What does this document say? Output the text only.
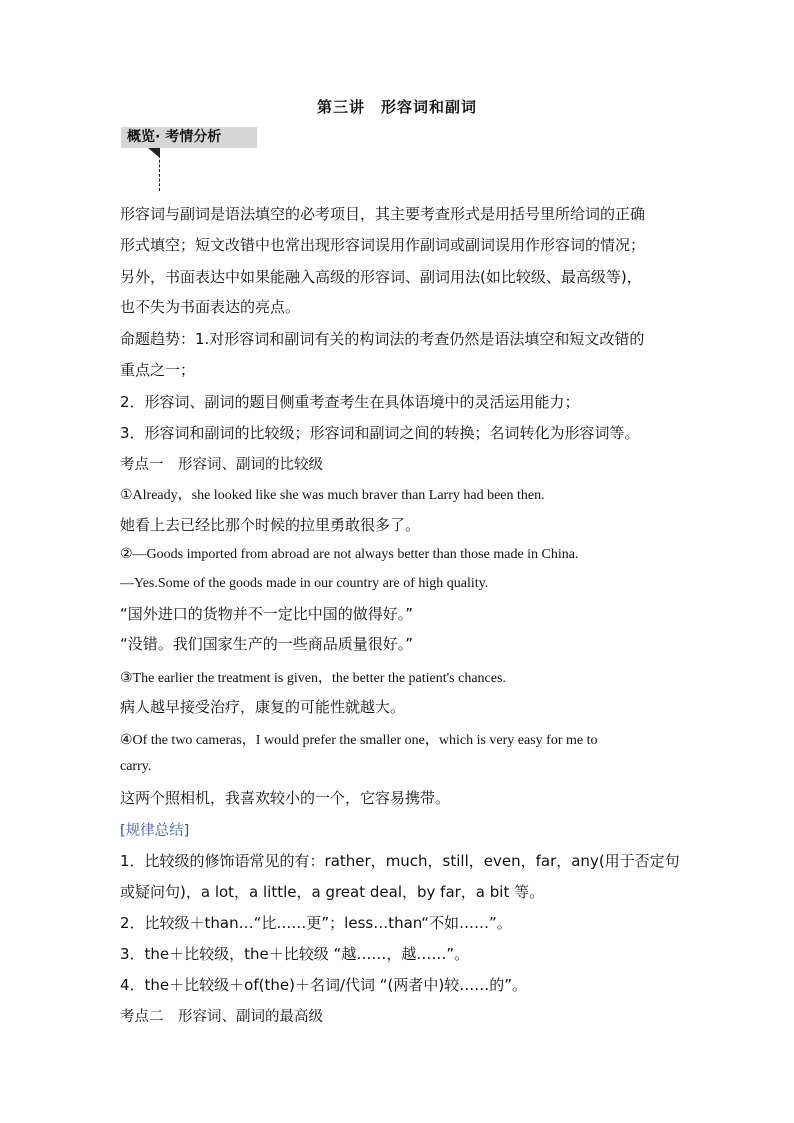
第三讲　形容词和副词
概览· 考情分析
形容词与副词是语法填空的必考项目，其主要考查形式是用括号里所给词的正确
形式填空；短文改错中也常出现形容词误用作副词或副词误用作形容词的情况；
另外，书面表达中如果能融入高级的形容词、副词用法(如比较级、最高级等)，
也不失为书面表达的亮点。
命题趋势：1.对形容词和副词有关的构词法的考查仍然是语法填空和短文改错的
重点之一；
2．形容词、副词的题目侧重考查考生在具体语境中的灵活运用能力；
3．形容词和副词的比较级；形容词和副词之间的转换；名词转化为形容词等。
考点一　形容词、副词的比较级
①Already，she looked like she was much braver than Larry had been then.
她看上去已经比那个时候的拉里勇敢很多了。
②—Goods imported from abroad are not always better than those made in China.
—Yes.Some of the goods made in our country are of high quality.
“国外进口的货物并不一定比中国的做得好。”
“没错。我们国家生产的一些商品质量很好。”
③The earlier the treatment is given，the better the patient's chances.
病人越早接受治疗，康复的可能性就越大。
④Of the two cameras，I would prefer the smaller one，which is very easy for me to
carry.
这两个照相机，我喜欢较小的一个，它容易携带。
[规律总结]
1．比较级的修饰语常见的有：rather，much，still，even，far，any(用于否定句
或疑问句)，a lot，a little，a great deal，by far，a bit 等。
2．比较级＋than…“比……更”；less…than“不如……”。
3．the＋比较级，the＋比较级 “越……，越……”。
4．the＋比较级＋of(the)＋名词/代词 “(两者中)较……的”。
考点二　形容词、副词的最高级
